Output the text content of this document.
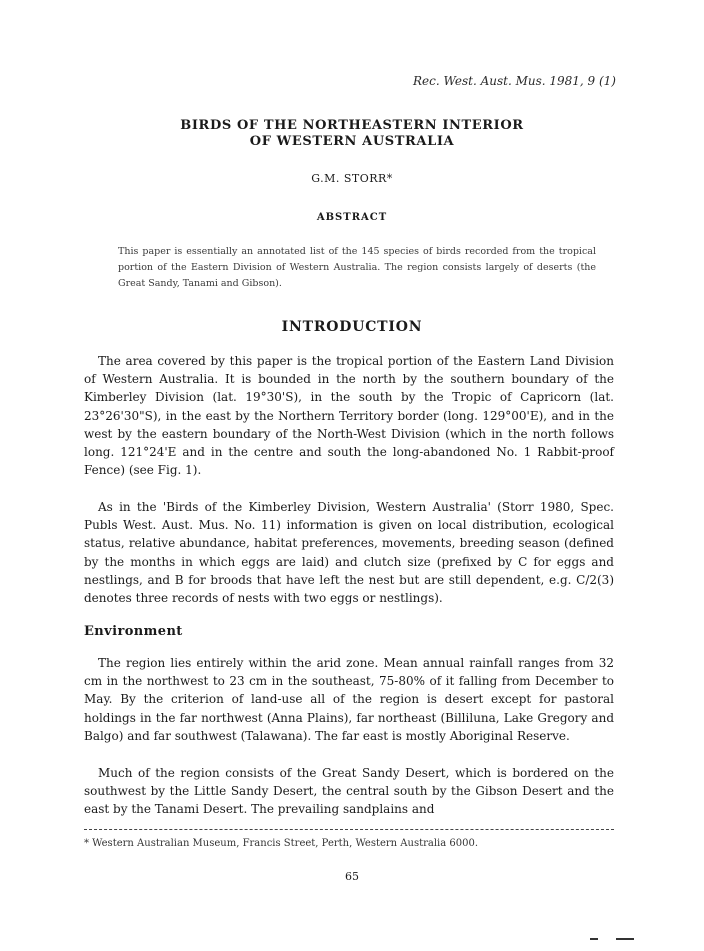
Rec. West. Aust. Mus. 1981, 9 (1)
BIRDS OF THE NORTHEASTERN INTERIOR
OF WESTERN AUSTRALIA
G.M. STORR*
ABSTRACT
This paper is essentially an annotated list of the 145 species of birds recorded from the tropical portion of the Eastern Division of Western Australia. The region consists largely of deserts (the Great Sandy, Tanami and Gibson).
INTRODUCTION

The area covered by this paper is the tropical portion of the Eastern Land Division of Western Australia. It is bounded in the north by the southern boundary of the Kimberley Division (lat. 19°30'S), in the south by the Tropic of Capricorn (lat. 23°26'30"S), in the east by the Northern Territory border (long. 129°00'E), and in the west by the eastern boundary of the North-West Division (which in the north follows long. 121°24'E and in the centre and south the long-abandoned No. 1 Rabbit-proof Fence) (see Fig. 1).

As in the 'Birds of the Kimberley Division, Western Australia' (Storr 1980, Spec. Publs West. Aust. Mus. No. 11) information is given on local distribution, ecological status, relative abundance, habitat preferences, movements, breeding season (defined by the months in which eggs are laid) and clutch size (prefixed by C for eggs and nestlings, and B for broods that have left the nest but are still dependent, e.g. C/2(3) denotes three records of nests with two eggs or nestlings).

Environment

The region lies entirely within the arid zone. Mean annual rainfall ranges from 32 cm in the northwest to 23 cm in the southeast, 75-80% of it falling from December to May. By the criterion of land-use all of the region is desert except for pastoral holdings in the far northwest (Anna Plains), far northeast (Billiluna, Lake Gregory and Balgo) and far southwest (Talawana). The far east is mostly Aboriginal Reserve.

Much of the region consists of the Great Sandy Desert, which is bordered on the southwest by the Little Sandy Desert, the central south by the Gibson Desert and the east by the Tanami Desert. The prevailing sandplains and

* Western Australian Museum, Francis Street, Perth, Western Australia 6000.
65
